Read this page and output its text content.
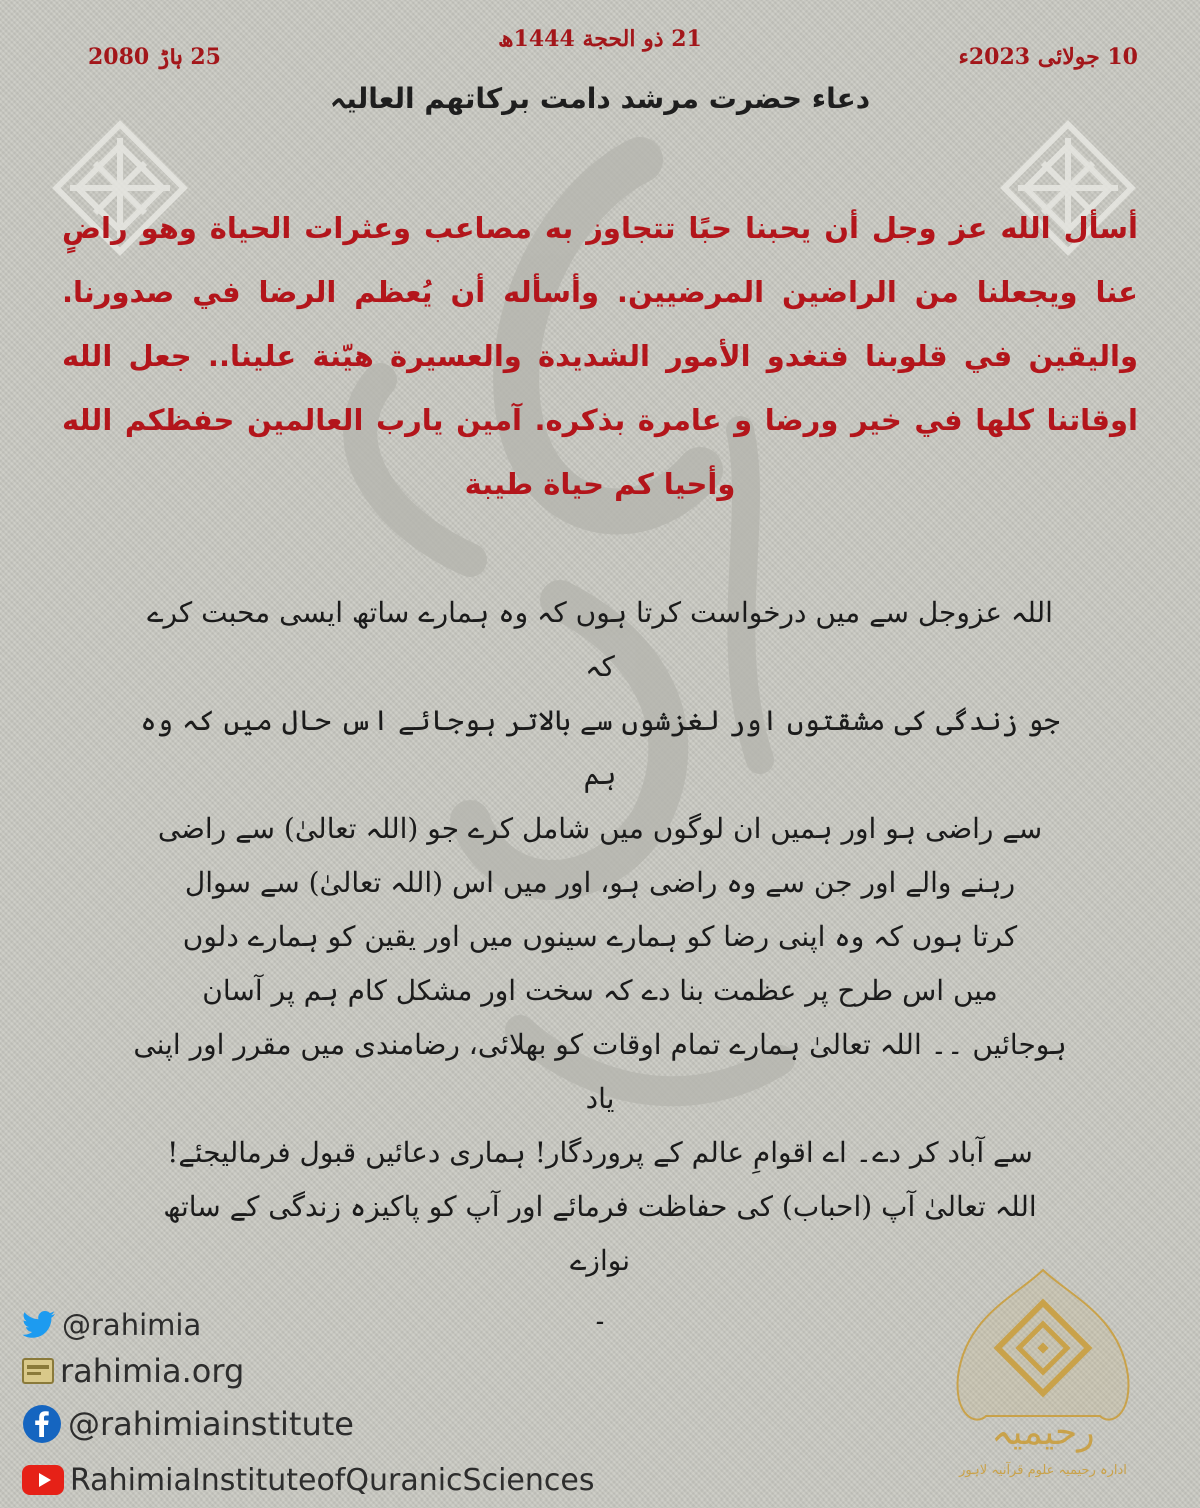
21 ذو الحجة 1444ھ
10 جولائی 2023ء
25 ہاڑ 2080
دعاء حضرت مرشد دامت برکاتھم العالیہ
أسأل الله عز وجل أن يحبنا حبًا تتجاوز به مصاعب وعثرات الحياة وهو راضٍ عنا ويجعلنا من الراضين المرضيين. وأسأله أن يُعظم الرضا في صدورنا. واليقين في قلوبنا فتغدو الأمور الشديدة والعسيرة هيّنة علينا.. جعل الله اوقاتنا كلها في خير ورضا و عامرة بذكره. آمين يارب العالمين حفظكم الله وأحيا كم حياة طيبة
اللہ عزوجل سے میں درخواست کرتا ہوں کہ وہ ہمارے ساتھ ایسی محبت کرے کہ
جو زندگی کی مشقتوں اور لغزشوں سے بالاتر ہوجائے اس حال میں کہ وہ ہم
سے راضی ہو اور ہمیں ان لوگوں میں شامل کرے جو (اللہ تعالیٰ) سے راضی
رہنے والے اور جن سے وہ راضی ہو، اور میں اس (اللہ تعالیٰ) سے سوال
کرتا ہوں کہ وہ اپنی رضا کو ہمارے سینوں میں اور یقین کو ہمارے دلوں
میں اس طرح پر عظمت بنا دے کہ سخت اور مشکل کام ہم پر آسان
ہوجائیں ۔۔ اللہ تعالیٰ ہمارے تمام اوقات کو بھلائی، رضامندی میں مقرر اور اپنی یاد
سے آباد کر دے۔ اے اقوامِ عالم کے پروردگار! ہماری دعائیں قبول فرمالیجئے!
اللہ تعالیٰ آپ (احباب) کی حفاظت فرمائے اور آپ کو پاکیزہ زندگی کے ساتھ نوازے
۔
@rahimia
rahimia.org
@rahimiainstitute
RahimiaInstituteofQuranicSciences
رحیمیہ
ادارہ رحیمیہ علوم قرآنیہ لاہور
